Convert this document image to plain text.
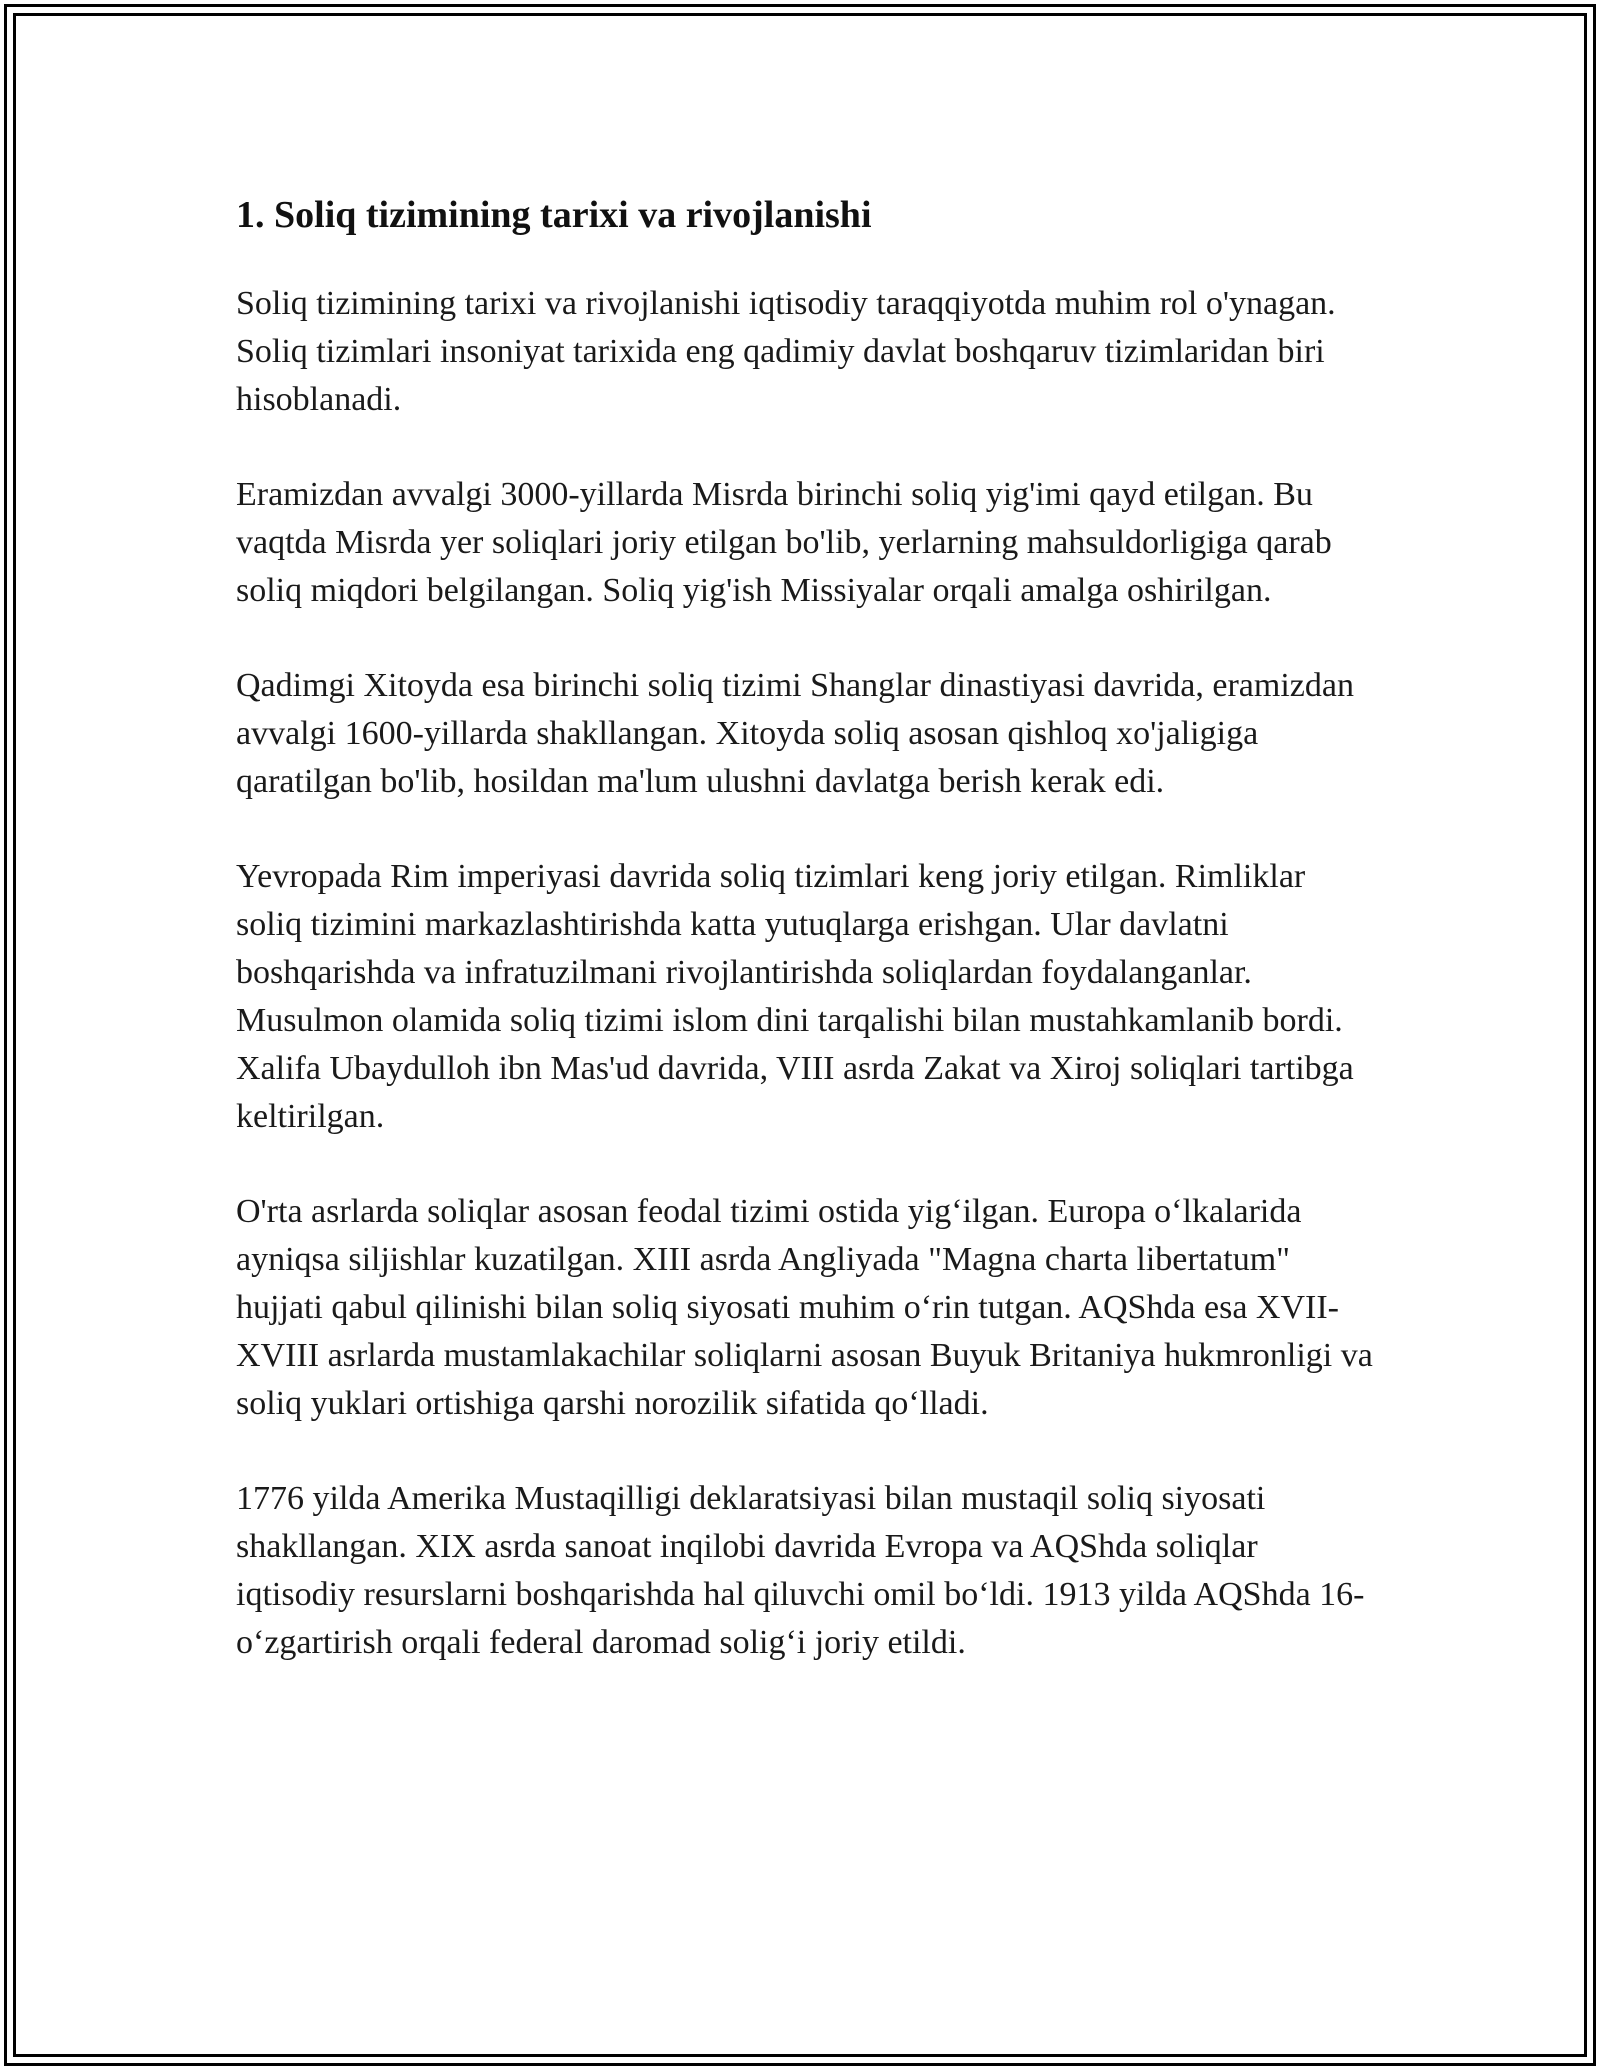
1. Soliq tizimining tarixi va rivojlanishi

Soliq tizimining tarixi va rivojlanishi iqtisodiy taraqqiyotda muhim rol o'ynagan. Soliq tizimlari insoniyat tarixida eng qadimiy davlat boshqaruv tizimlaridan biri hisoblanadi.

Eramizdan avvalgi 3000-yillarda Misrda birinchi soliq yig'imi qayd etilgan. Bu vaqtda Misrda yer soliqlari joriy etilgan bo'lib, yerlarning mahsuldorligiga qarab soliq miqdori belgilangan. Soliq yig'ish Missiyalar orqali amalga oshirilgan.

Qadimgi Xitoyda esa birinchi soliq tizimi Shanglar dinastiyasi davrida, eramizdan avvalgi 1600-yillarda shakllangan. Xitoyda soliq asosan qishloq xo'jaligiga qaratilgan bo'lib, hosildan ma'lum ulushni davlatga berish kerak edi.

Yevropada Rim imperiyasi davrida soliq tizimlari keng joriy etilgan. Rimliklar soliq tizimini markazlashtirishda katta yutuqlarga erishgan. Ular davlatni boshqarishda va infratuzilmani rivojlantirishda soliqlardan foydalanganlar. Musulmon olamida soliq tizimi islom dini tarqalishi bilan mustahkamlanib bordi. Xalifa Ubaydulloh ibn Mas'ud davrida, VIII asrda Zakat va Xiroj soliqlari tartibga keltirilgan.

O'rta asrlarda soliqlar asosan feodal tizimi ostida yig‘ilgan. Europa o‘lkalarida ayniqsa siljishlar kuzatilgan. XIII asrda Angliyada "Magna charta libertatum" hujjati qabul qilinishi bilan soliq siyosati muhim o‘rin tutgan. AQShda esa XVII-XVIII asrlarda mustamlakachilar soliqlarni asosan Buyuk Britaniya hukmronligi va soliq yuklari ortishiga qarshi norozilik sifatida qo‘lladi.

1776 yilda Amerika Mustaqilligi deklaratsiyasi bilan mustaqil soliq siyosati shakllangan. XIX asrda sanoat inqilobi davrida Evropa va AQShda soliqlar iqtisodiy resurslarni boshqarishda hal qiluvchi omil bo‘ldi. 1913 yilda AQShda 16-o‘zgartirish orqali federal daromad solig‘i joriy etildi.
